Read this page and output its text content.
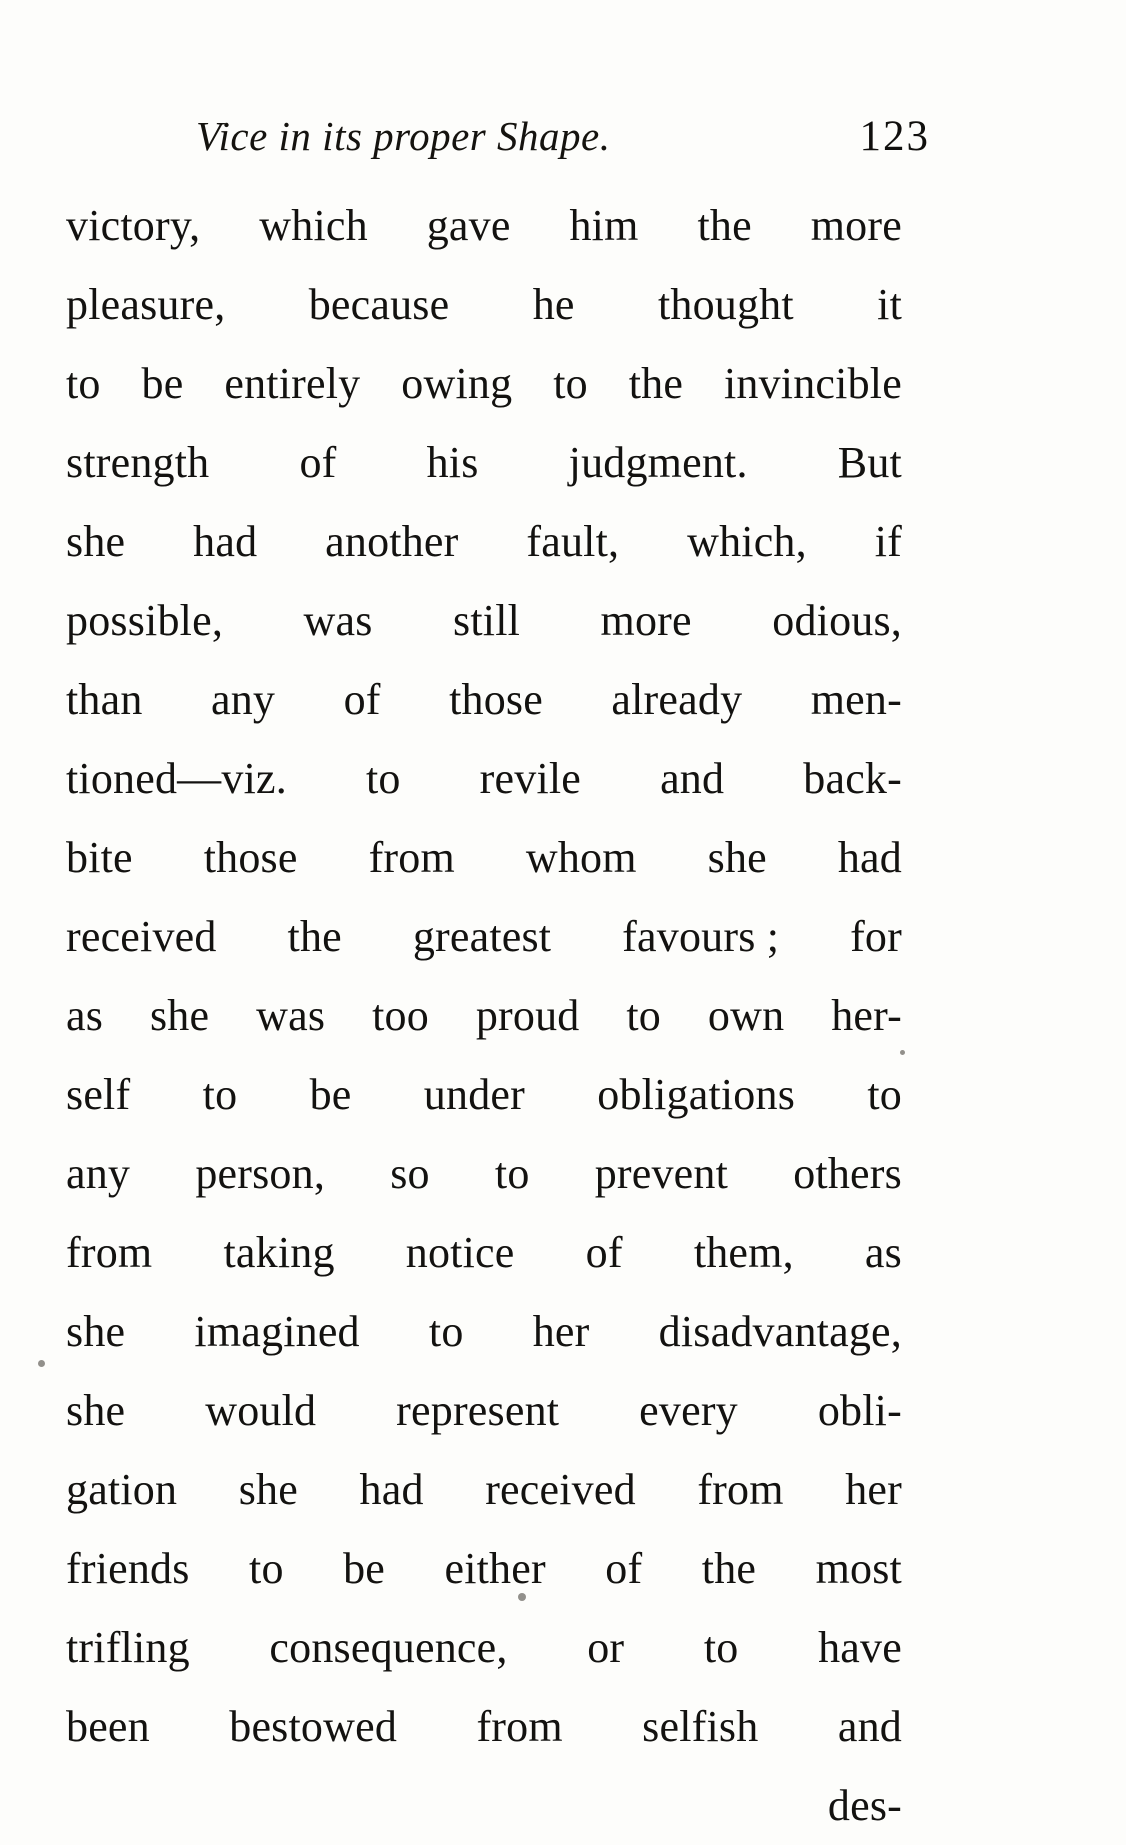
Vice in its proper Shape.	123
victory, which gave him the more
pleasure, because he thought it
to be entirely owing to the invincible
strength of his judgment. But
she had another fault, which, if
possible, was still more odious,
than any of those already men-
tioned—viz. to revile and back-
bite those from whom she had
received the greatest favours ; for
as she was too proud to own her-
self to be under obligations to
any person, so to prevent others
from taking notice of them, as
she imagined to her disadvantage,
she would represent every obli-
gation she had received from her
friends to be either of the most
trifling consequence, or to have
been bestowed from selfish and
des-
